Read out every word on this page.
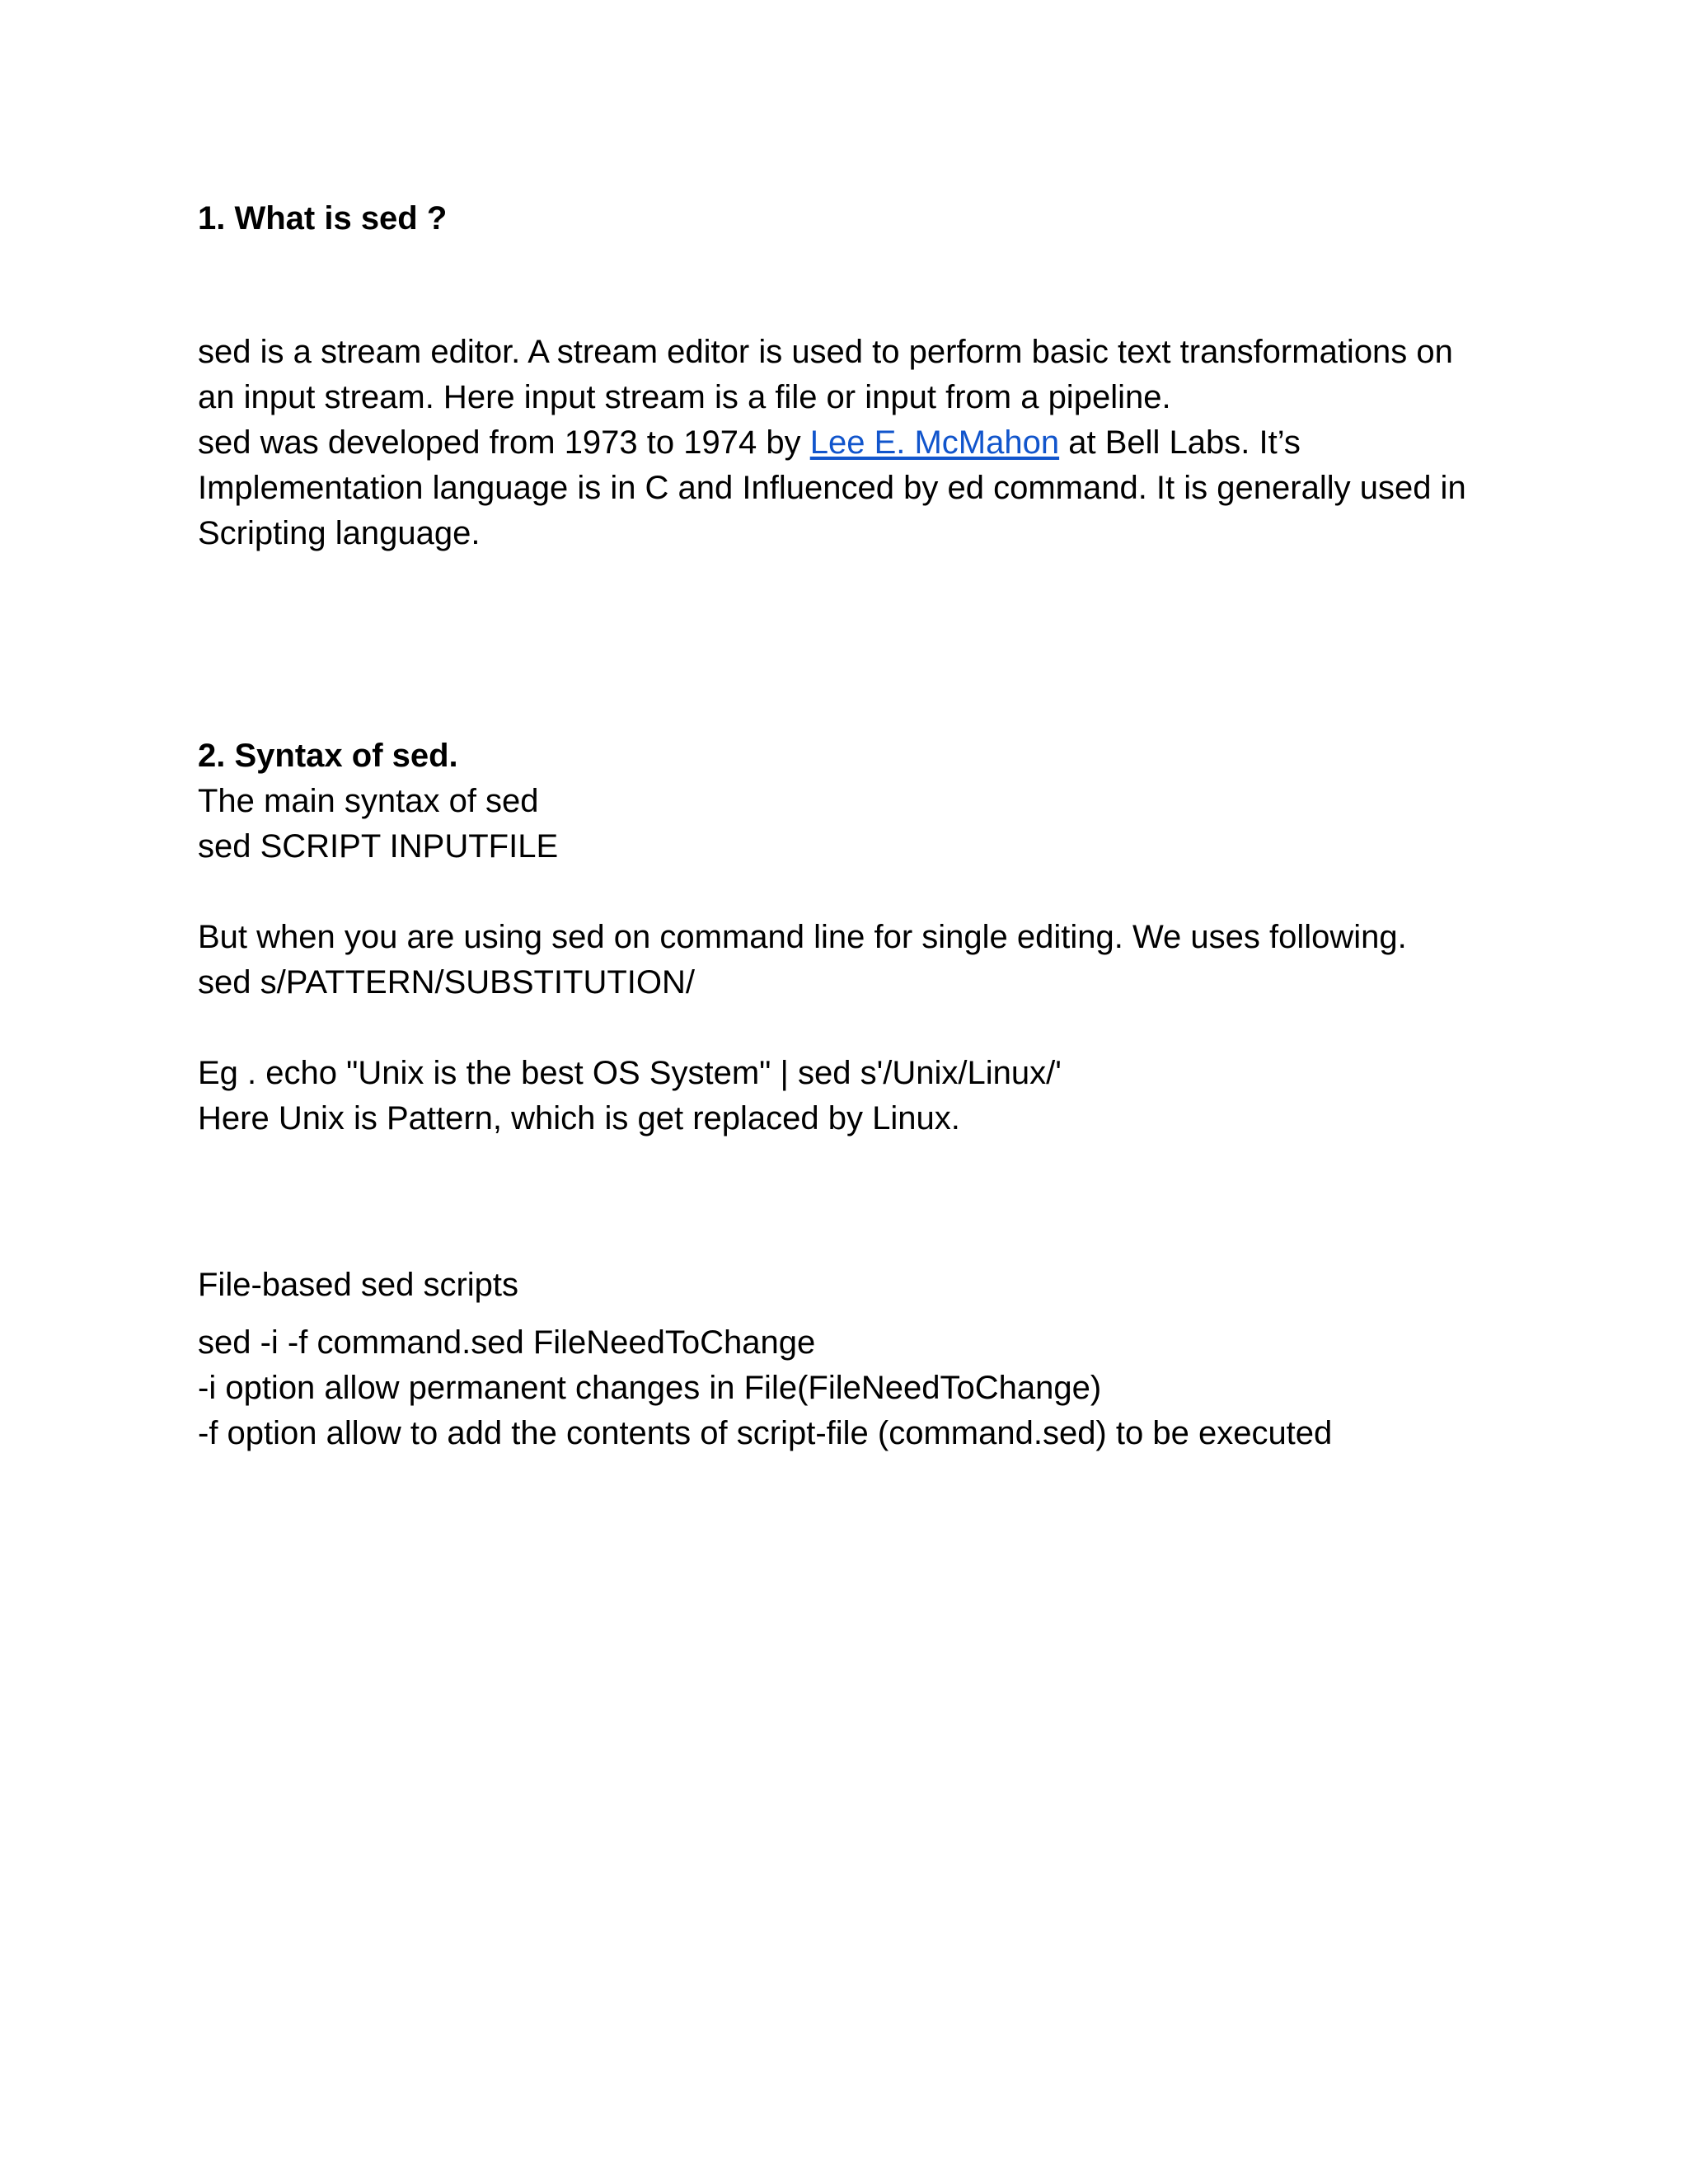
1. What is sed ?

sed is a stream editor. A stream editor is used to perform basic text transformations on

an input stream. Here input stream is a file or input from a pipeline.

sed was developed from 1973 to 1974 by Lee E. McMahon at Bell Labs. It’s

Implementation language is in C and Influenced by ed command. It is generally used in

Scripting language.

2. Syntax of sed.

The main syntax of sed

sed SCRIPT INPUTFILE

But when you are using sed on command line for single editing. We uses following.

sed s/PATTERN/SUBSTITUTION/

Eg . echo "Unix is the best OS System" | sed s'/Unix/Linux/'

Here Unix is Pattern, which is get replaced by Linux.

File-based sed scripts

sed -i -f command.sed FileNeedToChange

-i option allow permanent changes in File(FileNeedToChange)

-f option allow to add the contents of script-file (command.sed) to be executed
